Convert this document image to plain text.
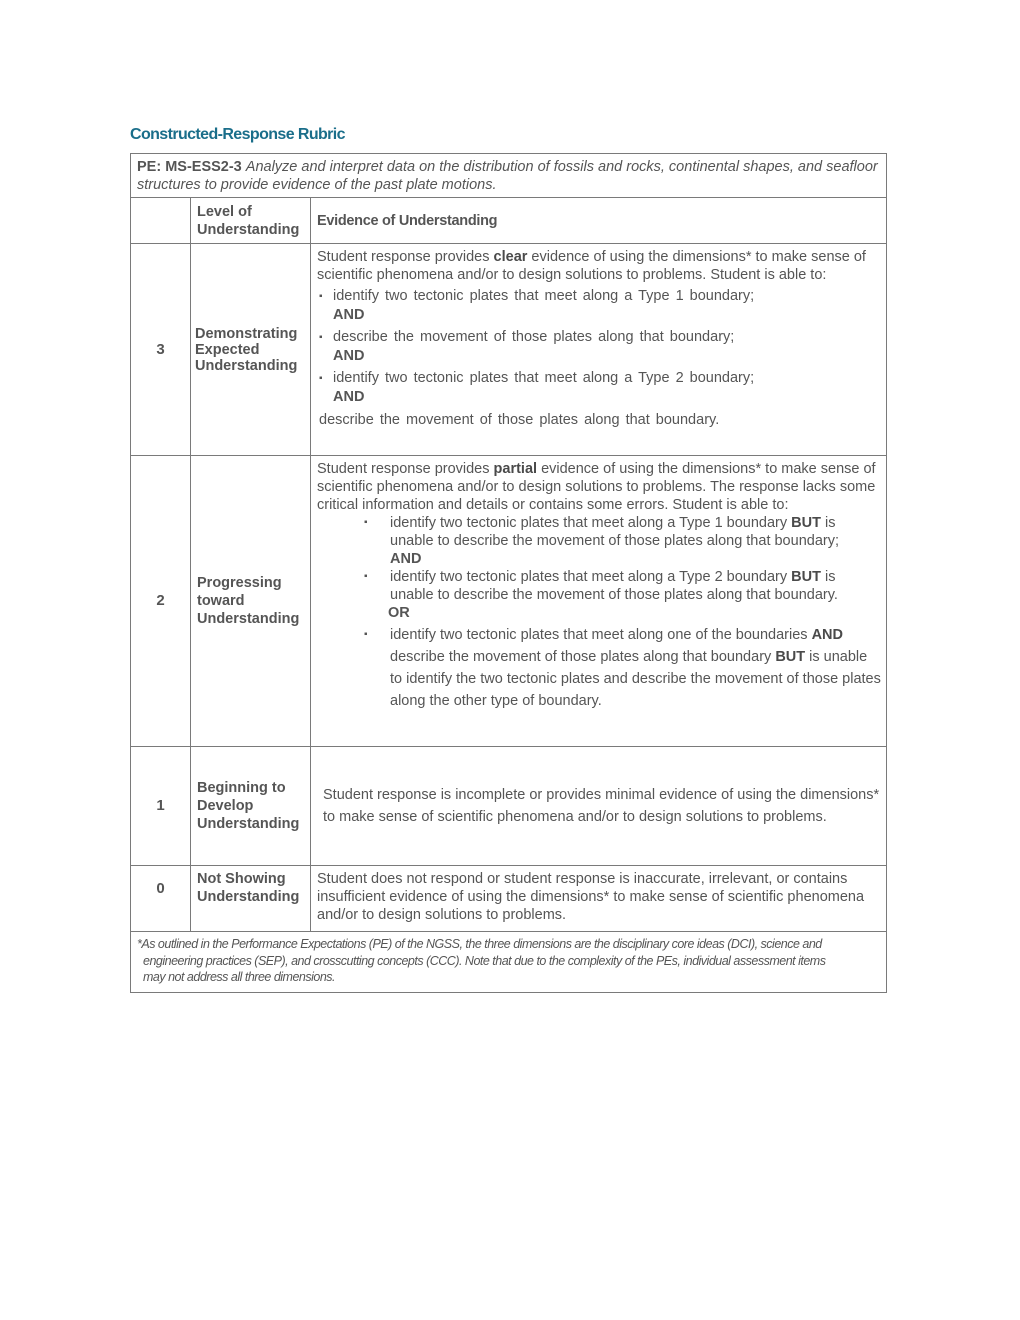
Constructed-Response Rubric
PE: MS-ESS2-3 Analyze and interpret data on the distribution of fossils and rocks, continental shapes, and seafloor structures to provide evidence of the past plate motions.		
	Level of Understanding	Evidence of Understanding
3	Demonstrating Expected Understanding	Student response provides clear evidence of using the dimensions* to make sense of scientific phenomena and/or to design solutions to problems. Student is able to:
▪ identify two tectonic plates that meet along a Type 1 boundary;
AND
▪ describe the movement of those plates along that boundary;
AND
▪ identify two tectonic plates that meet along a Type 2 boundary;
AND
describe the movement of those plates along that boundary.

2	Progressing toward Understanding	Student response provides partial evidence of using the dimensions* to make sense of scientific phenomena and/or to design solutions to problems. The response lacks some critical information and details or contains some errors. Student is able to:
▪ identify two tectonic plates that meet along a Type 1 boundary BUT is unable to describe the movement of those plates along that boundary;
AND
▪ identify two tectonic plates that meet along a Type 2 boundary BUT is unable to describe the movement of those plates along that boundary.
OR
▪ identify two tectonic plates that meet along one of the boundaries AND describe the movement of those plates along that boundary BUT is unable to identify the two tectonic plates and describe the movement of those plates along the other type of boundary.

1	Beginning to Develop Understanding	Student response is incomplete or provides minimal evidence of using the dimensions* to make sense of scientific phenomena and/or to design solutions to problems.
0	Not Showing Understanding	Student does not respond or student response is inaccurate, irrelevant, or contains insufficient evidence of using the dimensions* to make sense of scientific phenomena and/or to design solutions to problems.

*As outlined in the Performance Expectations (PE) of the NGSS, the three dimensions are the disciplinary core ideas (DCI), science and
engineering practices (SEP), and crosscutting concepts (CCC). Note that due to the complexity of the PEs, individual assessment items
may not address all three dimensions.		
